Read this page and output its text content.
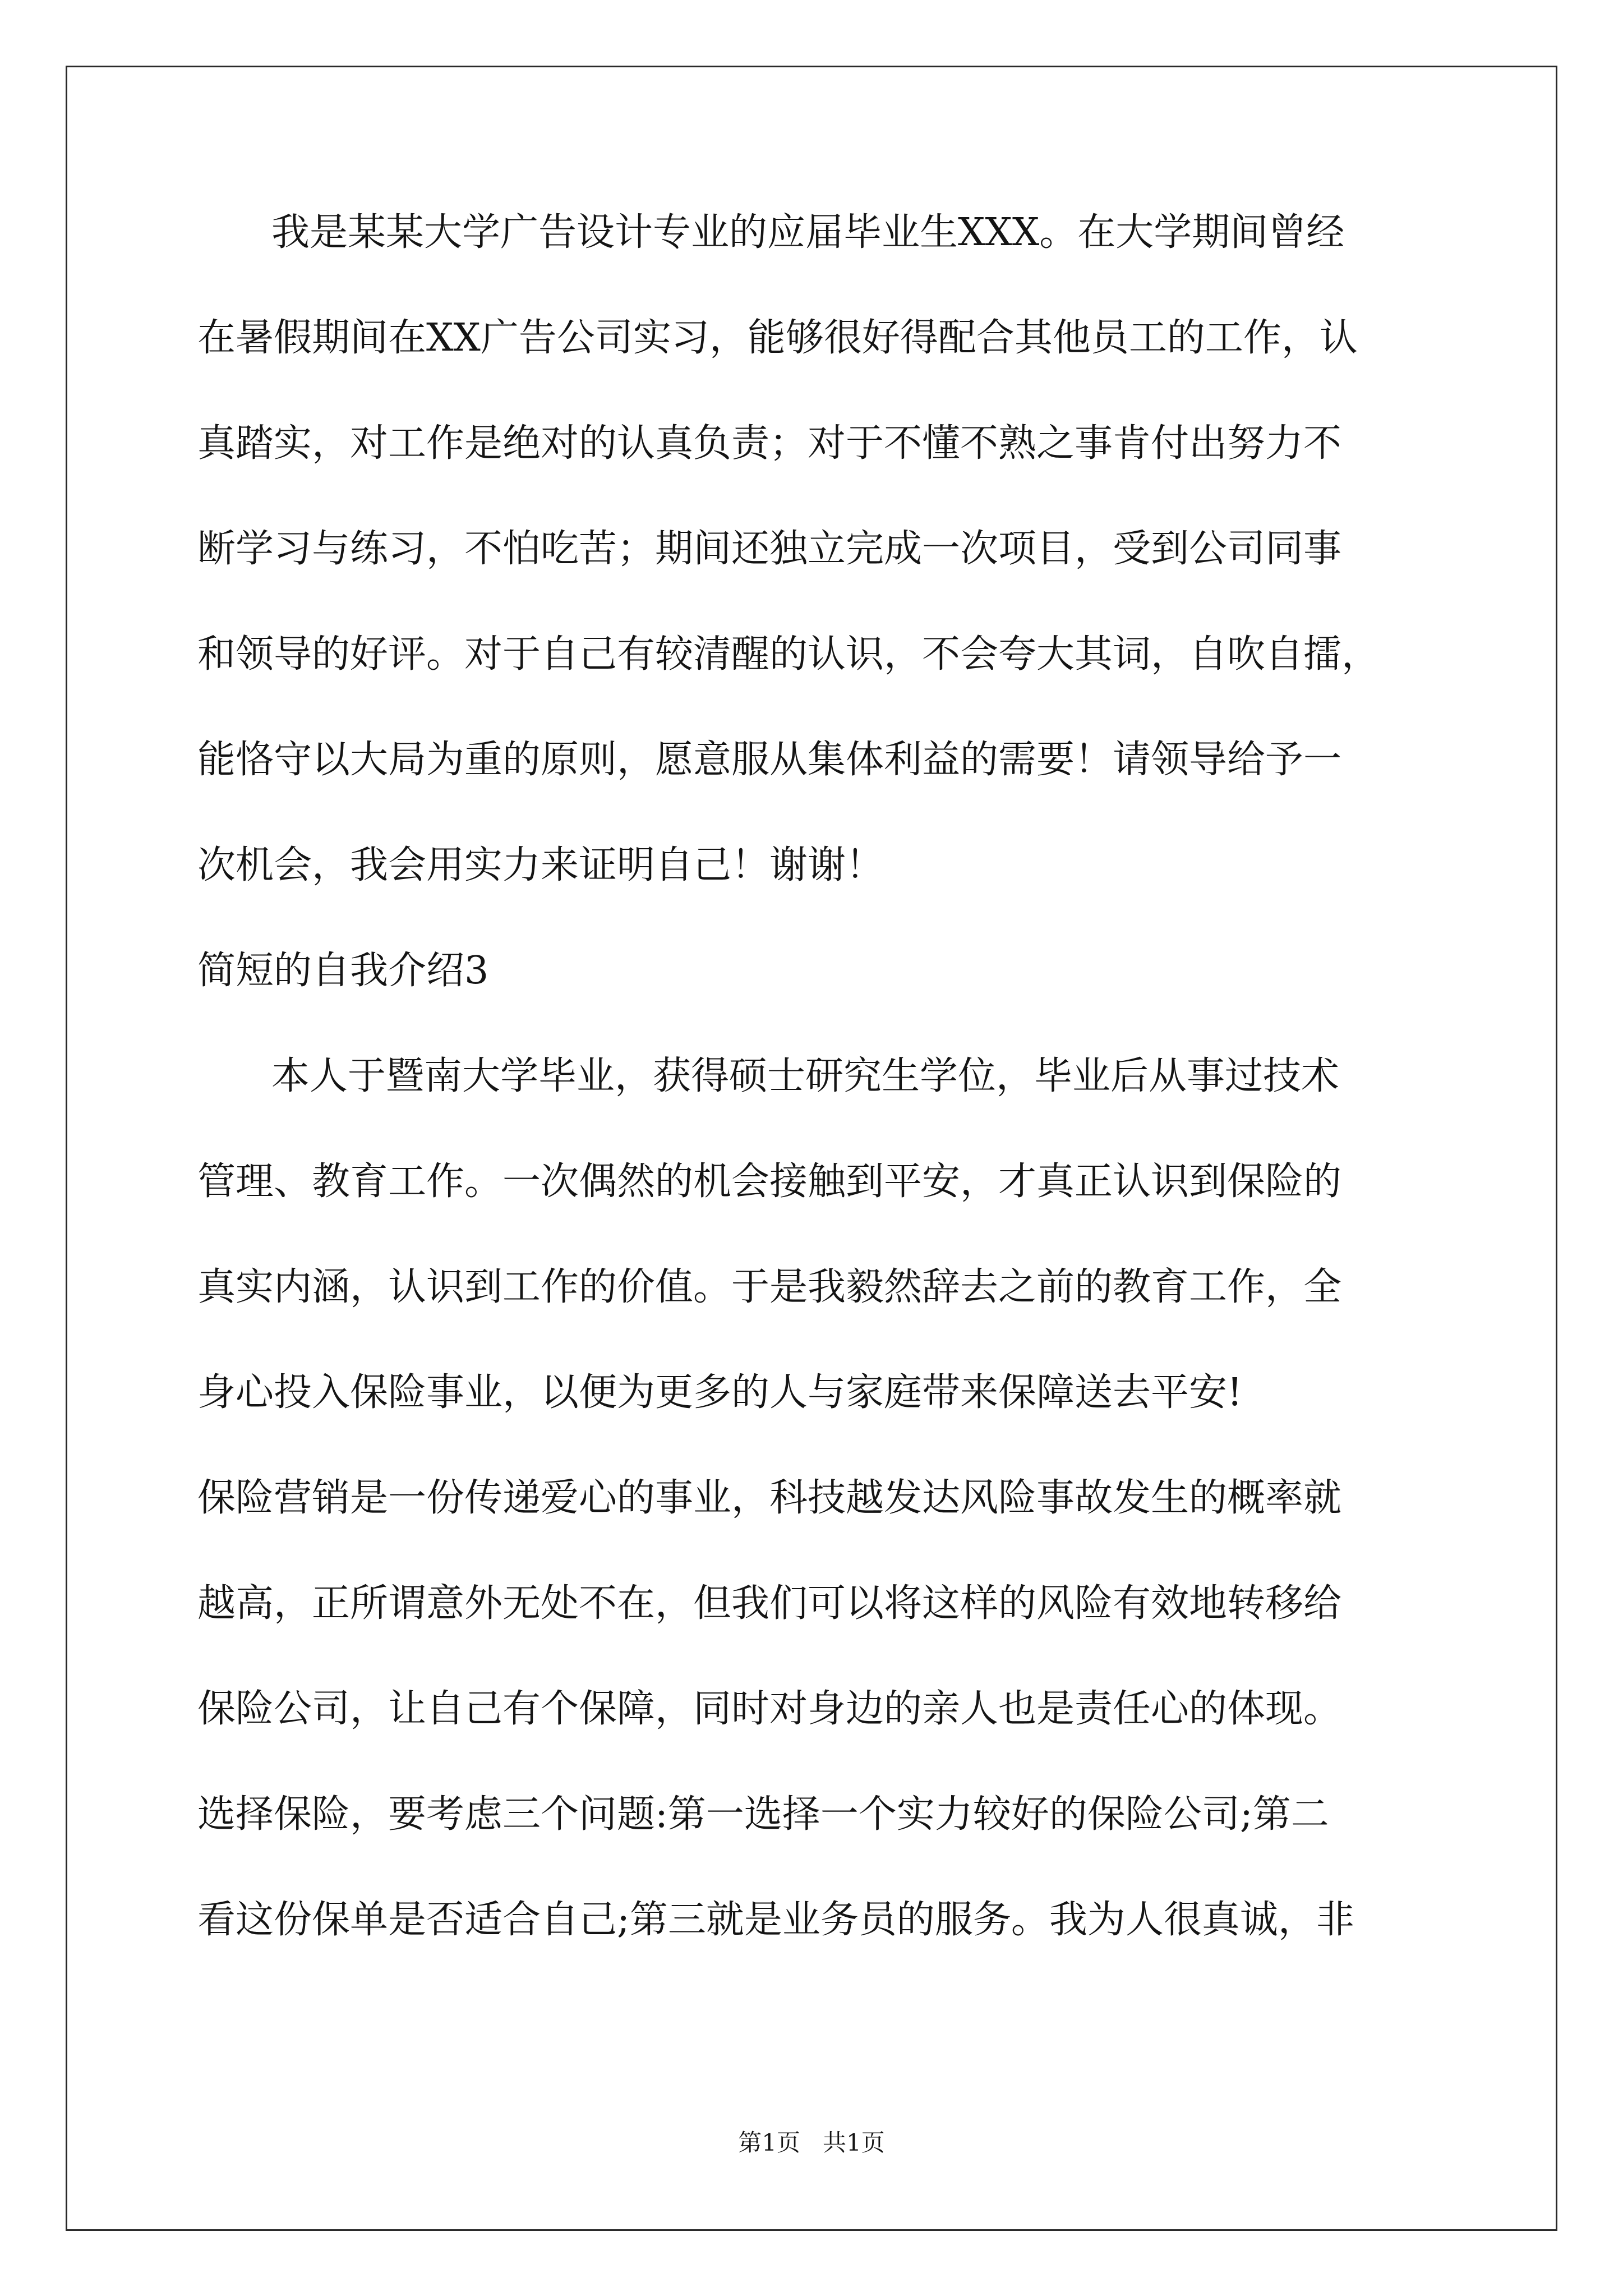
我是某某大学广告设计专业的应届毕业生XXX。在大学期间曾经
在暑假期间在XX广告公司实习，能够很好得配合其他员工的工作，认
真踏实，对工作是绝对的认真负责；对于不懂不熟之事肯付出努力不
断学习与练习，不怕吃苦；期间还独立完成一次项目，受到公司同事
和领导的好评。对于自己有较清醒的认识，不会夸大其词，自吹自擂，
能恪守以大局为重的原则，愿意服从集体利益的需要！请领导给予一
次机会，我会用实力来证明自己！谢谢！
简短的自我介绍3
本人于暨南大学毕业，获得硕士研究生学位，毕业后从事过技术
管理、教育工作。一次偶然的机会接触到平安，才真正认识到保险的
真实内涵，认识到工作的价值。于是我毅然辞去之前的教育工作，全
身心投入保险事业，以便为更多的人与家庭带来保障送去平安!
保险营销是一份传递爱心的事业，科技越发达风险事故发生的概率就
越高，正所谓意外无处不在，但我们可以将这样的风险有效地转移给
保险公司，让自己有个保障，同时对身边的亲人也是责任心的体现。
选择保险，要考虑三个问题:第一选择一个实力较好的保险公司;第二
看这份保单是否适合自己;第三就是业务员的服务。我为人很真诚，非
第1页   共1页
